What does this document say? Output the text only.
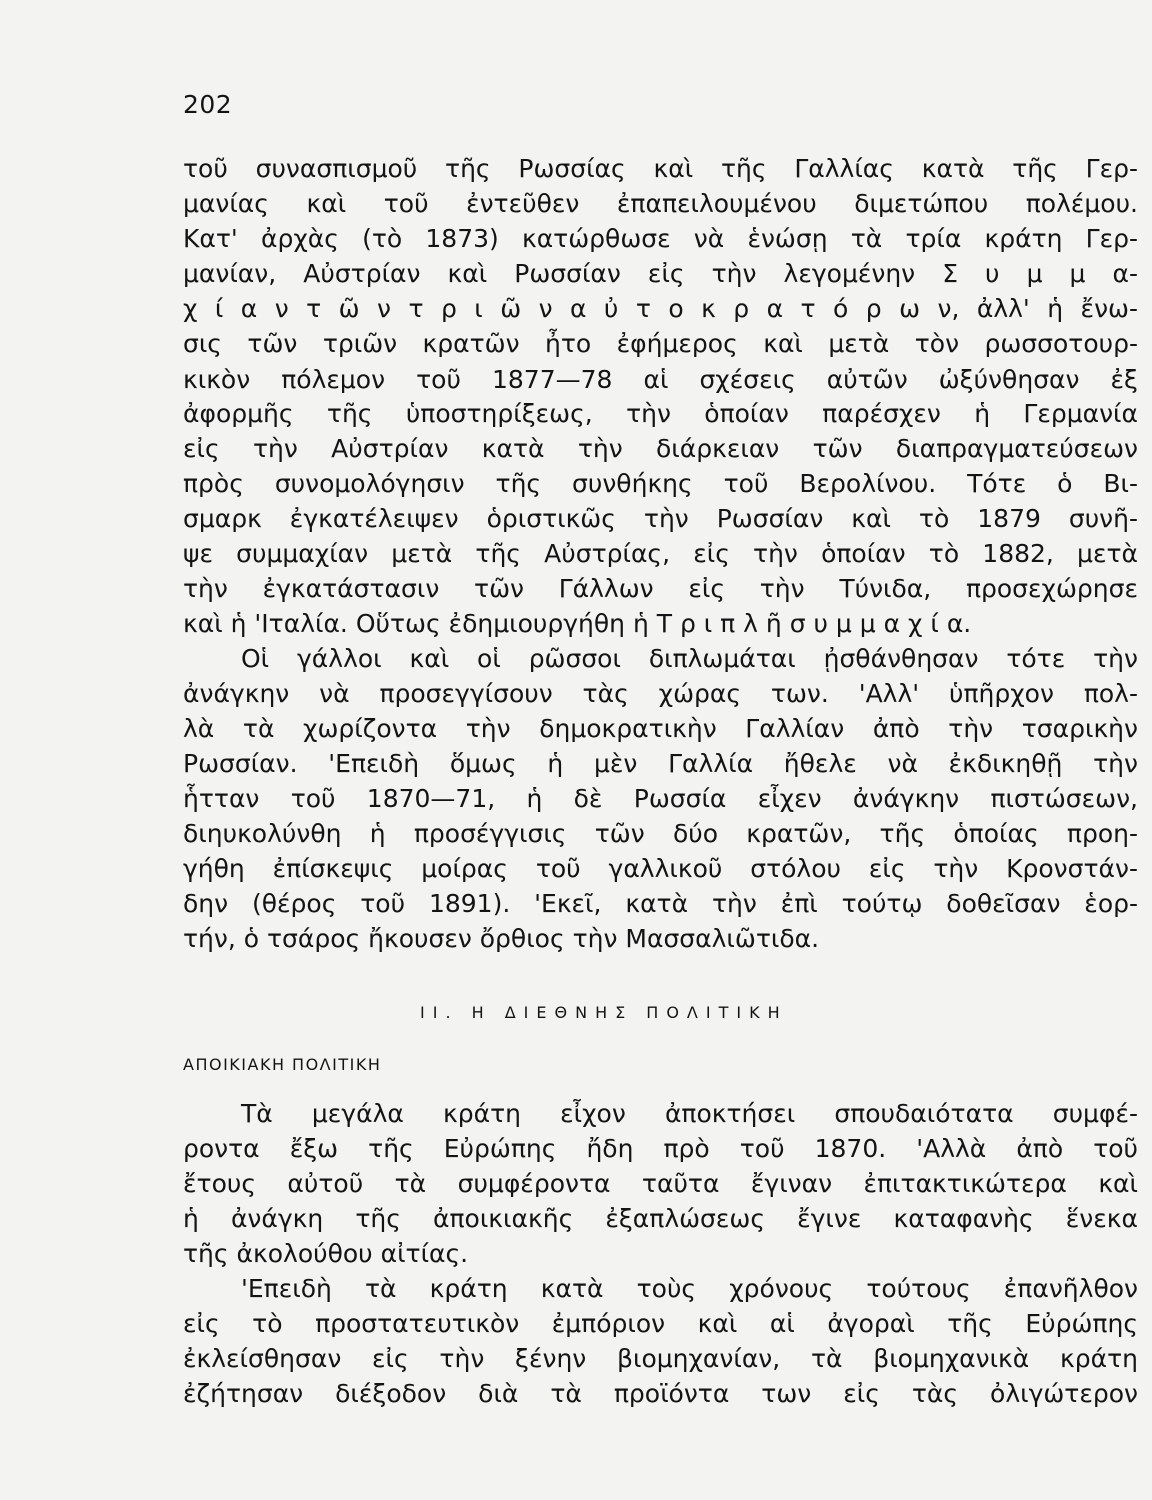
202
τοῦ συνασπισμοῦ τῆς Ρωσσίας καὶ τῆς Γαλλίας κατὰ τῆς Γερ-
μανίας καὶ τοῦ ἐντεῦθεν ἐπαπειλουμένου διμετώπου πολέμου.
Κατ' ἀρχὰς (τὸ 1873) κατώρθωσε νὰ ἑνώσῃ τὰ τρία κράτη Γερ-
μανίαν, Αὐστρίαν καὶ Ρωσσίαν εἰς τὴν λεγομένην Σ υ μ μ α-
χ ί α ν τ ῶ ν τ ρ ι ῶ ν α ὐ τ ο κ ρ α τ ό ρ ω ν, ἀλλ' ἡ ἔνω-
σις τῶν τριῶν κρατῶν ἦτο ἐφήμερος καὶ μετὰ τὸν ρωσσοτουρ-
κικὸν πόλεμον τοῦ 1877—78 αἱ σχέσεις αὐτῶν ὠξύνθησαν ἐξ
ἀφορμῆς τῆς ὑποστηρίξεως, τὴν ὁποίαν παρέσχεν ἡ Γερμανία
εἰς τὴν Αὐστρίαν κατὰ τὴν διάρκειαν τῶν διαπραγματεύσεων
πρὸς συνομολόγησιν τῆς συνθήκης τοῦ Βερολίνου. Τότε ὁ Βι-
σμαρκ ἐγκατέλειψεν ὁριστικῶς τὴν Ρωσσίαν καὶ τὸ 1879 συνῆ-
ψε συμμαχίαν μετὰ τῆς Αὐστρίας, εἰς τὴν ὁποίαν τὸ 1882, μετὰ
τὴν ἐγκατάστασιν τῶν Γάλλων εἰς τὴν Τύνιδα, προσεχώρησε
καὶ ἡ 'Ιταλία. Οὕτως ἐδημιουργήθη ἡ Τ ρ ι π λ ῆ σ υ μ μ α χ ί α.
Οἱ γάλλοι καὶ οἱ ρῶσσοι διπλωμάται ᾐσθάνθησαν τότε τὴν
ἀνάγκην νὰ προσεγγίσουν τὰς χώρας των. 'Αλλ' ὑπῆρχον πολ-
λὰ τὰ χωρίζοντα τὴν δημοκρατικὴν Γαλλίαν ἀπὸ τὴν τσαρικὴν
Ρωσσίαν. 'Επειδὴ ὅμως ἡ μὲν Γαλλία ἤθελε νὰ ἐκδικηθῇ τὴν
ἧτταν τοῦ 1870—71, ἡ δὲ Ρωσσία εἶχεν ἀνάγκην πιστώσεων,
διηυκολύνθη ἡ προσέγγισις τῶν δύο κρατῶν, τῆς ὁποίας προη-
γήθη ἐπίσκεψις μοίρας τοῦ γαλλικοῦ στόλου εἰς τὴν Κρονστάν-
δην (θέρος τοῦ 1891). 'Εκεῖ, κατὰ τὴν ἐπὶ τούτῳ δοθεῖσαν ἑορ-
τήν, ὁ τσάρος ἤκουσεν ὄρθιος τὴν Μασσαλιῶτιδα.
II. Η ΔΙΕΘΝΗΣ ΠΟΛΙΤΙΚΗ
ΑΠΟΙΚΙΑΚΗ ΠΟΛΙΤΙΚΗ
Τὰ μεγάλα κράτη εἶχον ἀποκτήσει σπουδαιότατα συμφέ-
ροντα ἔξω τῆς Εὐρώπης ἤδη πρὸ τοῦ 1870. 'Αλλὰ ἀπὸ τοῦ
ἔτους αὐτοῦ τὰ συμφέροντα ταῦτα ἔγιναν ἐπιτακτικώτερα καὶ
ἡ ἀνάγκη τῆς ἀποικιακῆς ἐξαπλώσεως ἔγινε καταφανὴς ἕνεκα
τῆς ἀκολούθου αἰτίας.
'Επειδὴ τὰ κράτη κατὰ τοὺς χρόνους τούτους ἐπανῆλθον
εἰς τὸ προστατευτικὸν ἐμπόριον καὶ αἱ ἀγοραὶ τῆς Εὐρώπης
ἐκλείσθησαν εἰς τὴν ξένην βιομηχανίαν, τὰ βιομηχανικὰ κράτη
ἐζήτησαν διέξοδον διὰ τὰ προϊόντα των εἰς τὰς ὀλιγώτερον
